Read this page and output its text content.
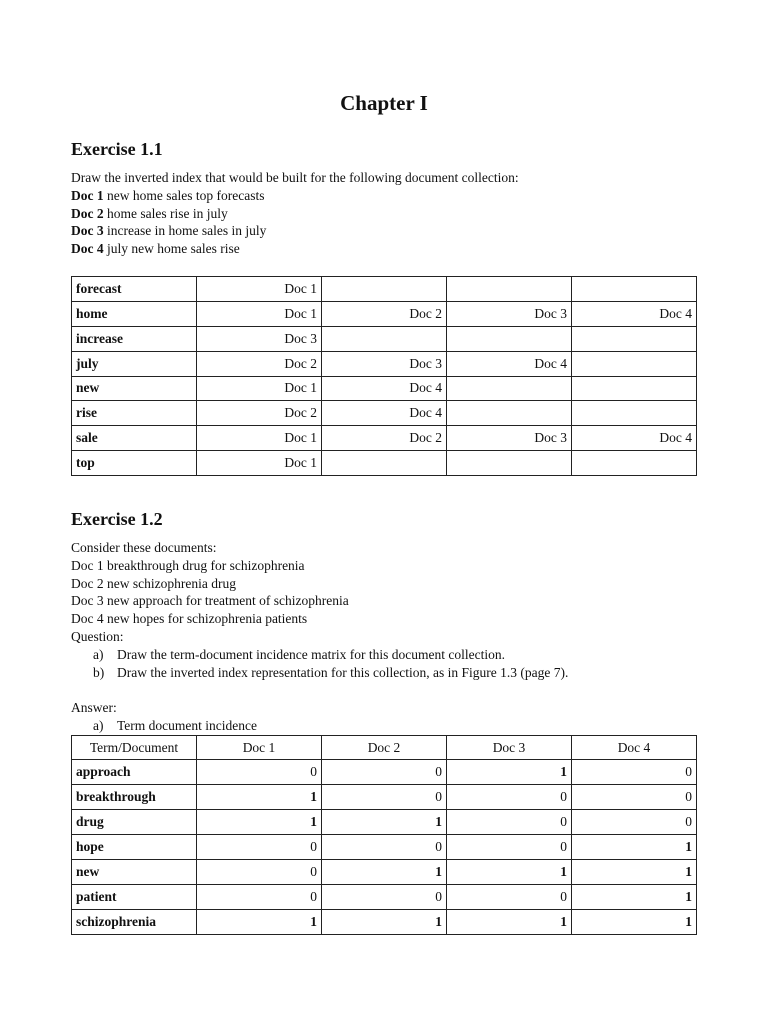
Chapter I
Exercise 1.1
Draw the inverted index that would be built for the following document collection:
Doc 1 new home sales top forecasts
Doc 2 home sales rise in july
Doc 3 increase in home sales in july
Doc 4 july new home sales rise
forecast	Doc 1			
home	Doc 1	Doc 2	Doc 3	Doc 4
increase	Doc 3			
july	Doc 2	Doc 3	Doc 4	
new	Doc 1	Doc 4		
rise	Doc 2	Doc 4		
sale	Doc 1	Doc 2	Doc 3	Doc 4
top	Doc 1			
Exercise 1.2
Consider these documents:
Doc 1 breakthrough drug for schizophrenia
Doc 2 new schizophrenia drug
Doc 3 new approach for treatment of schizophrenia
Doc 4 new hopes for schizophrenia patients
Question:
a) Draw the term-document incidence matrix for this document collection.
b) Draw the inverted index representation for this collection, as in Figure 1.3 (page 7).
Answer:
a) Term document incidence
Term/Document	Doc 1	Doc 2	Doc 3	Doc 4
approach	0	0	1	0
breakthrough	1	0	0	0
drug	1	1	0	0
hope	0	0	0	1
new	0	1	1	1
patient	0	0	0	1
schizophrenia	1	1	1	1
